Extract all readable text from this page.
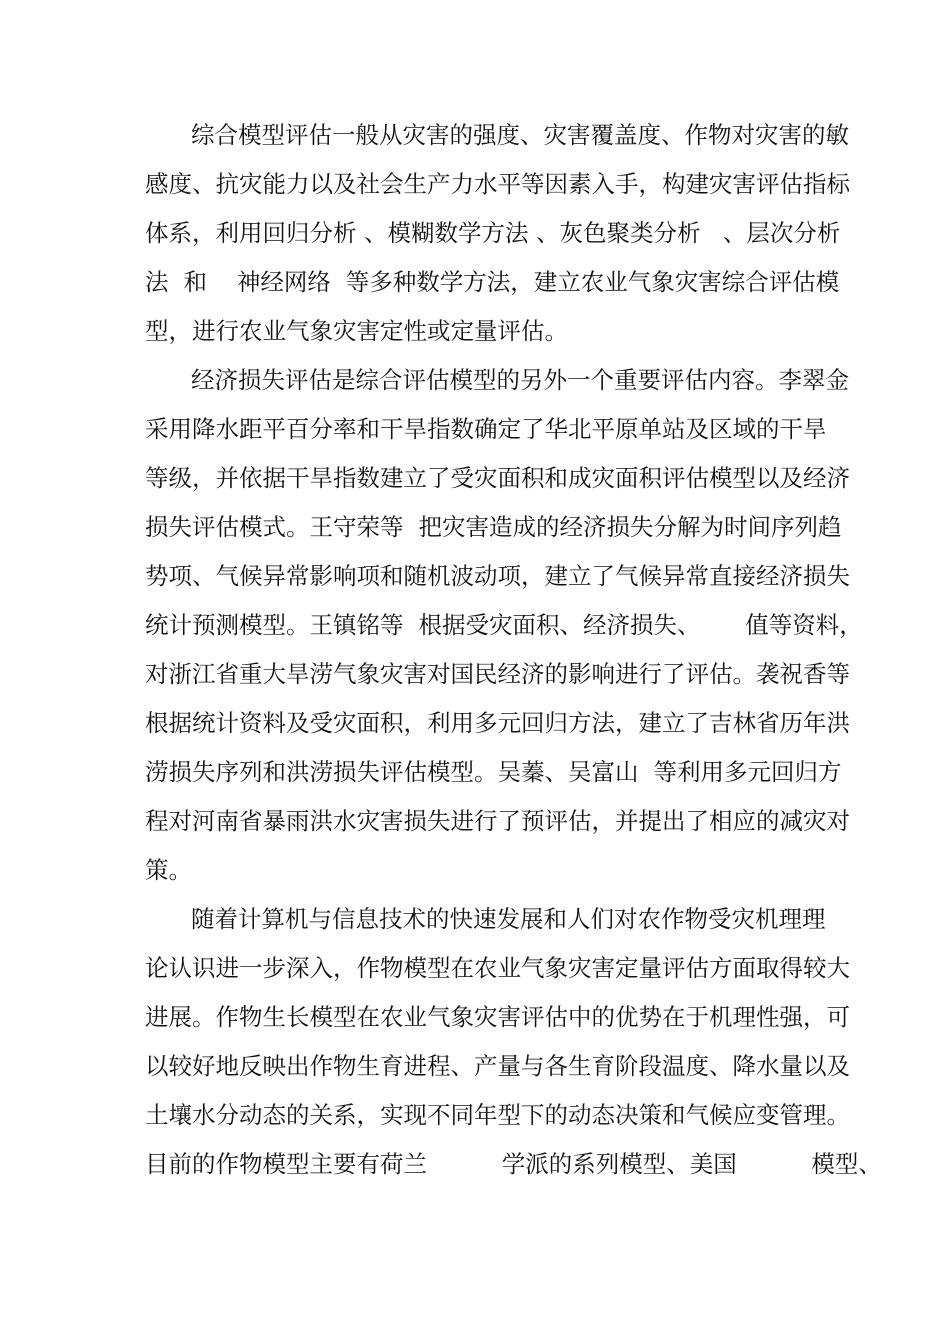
综合模型评估一般从灾害的强度、灾害覆盖度、作物对灾害的敏
感度、抗灾能力以及社会生产力水平等因素入手，构建灾害评估指标
体系，利用回归分析 、模糊数学方法 、灰色聚类分析   、层次分析
法  和    神经网络  等多种数学方法，建立农业气象灾害综合评估模
型，进行农业气象灾害定性或定量评估。
经济损失评估是综合评估模型的另外一个重要评估内容。李翠金
采用降水距平百分率和干旱指数确定了华北平原单站及区域的干旱
等级，并依据干旱指数建立了受灾面积和成灾面积评估模型以及经济
损失评估模式。王守荣等  把灾害造成的经济损失分解为时间序列趋
势项、气候异常影响项和随机波动项，建立了气候异常直接经济损失
统计预测模型。王镇铭等  根据受灾面积、经济损失、      值等资料，
对浙江省重大旱涝气象灾害对国民经济的影响进行了评估。袭祝香等
根据统计资料及受灾面积，利用多元回归方法，建立了吉林省历年洪
涝损失序列和洪涝损失评估模型。吴蓁、吴富山  等利用多元回归方
程对河南省暴雨洪水灾害损失进行了预评估，并提出了相应的减灾对
策。
随着计算机与信息技术的快速发展和人们对农作物受灾机理理
论认识进一步深入，作物模型在农业气象灾害定量评估方面取得较大
进展。作物生长模型在农业气象灾害评估中的优势在于机理性强，可
以较好地反映出作物生育进程、产量与各生育阶段温度、降水量以及
土壤水分动态的关系，实现不同年型下的动态决策和气候应变管理。
目前的作物模型主要有荷兰          学派的系列模型、美国          模型、
